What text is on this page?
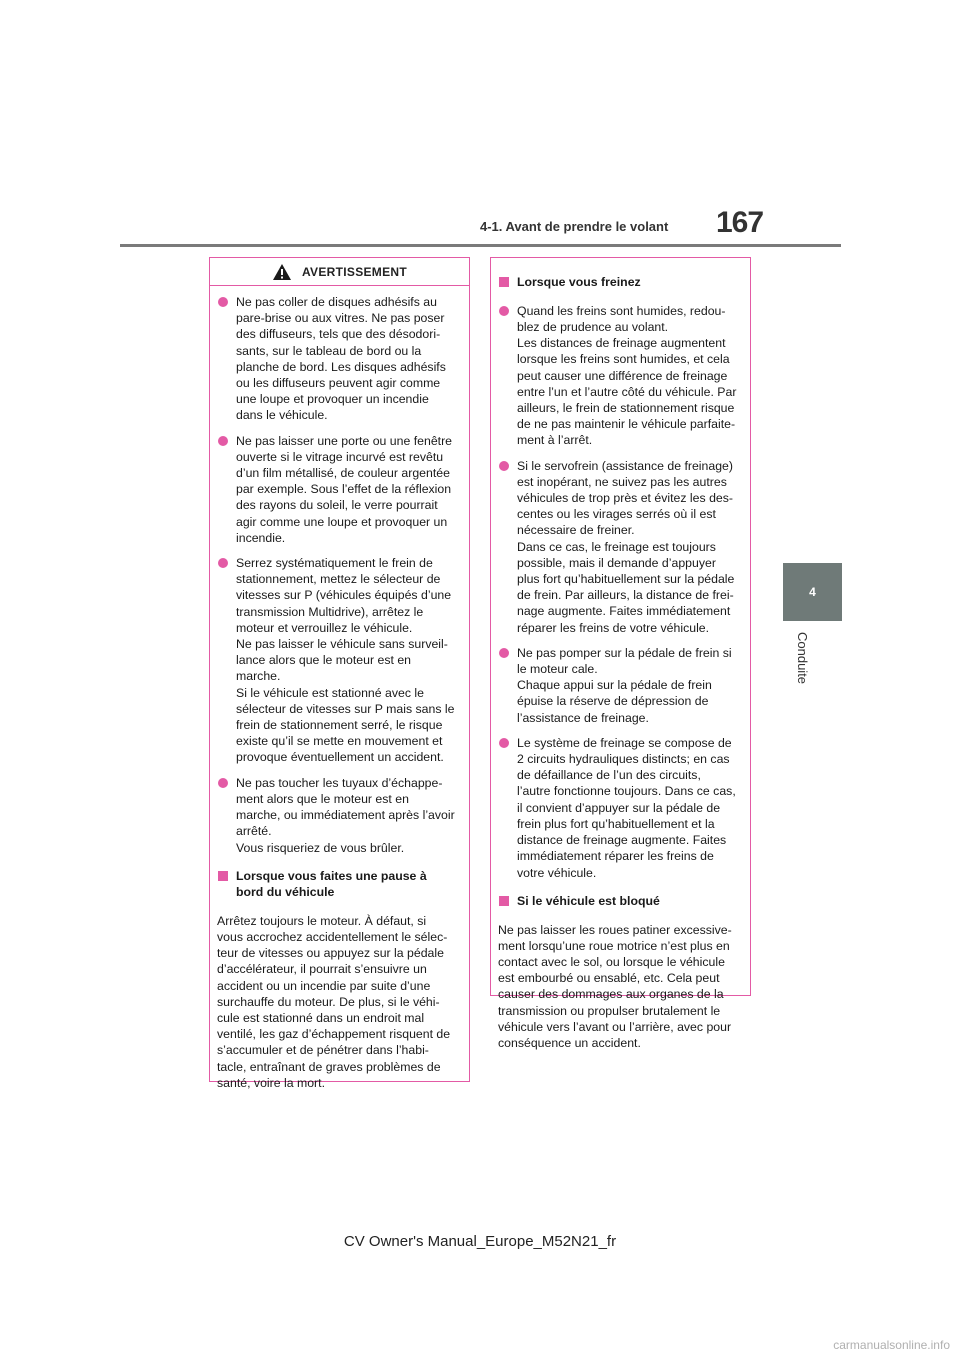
4-1. Avant de prendre le volant	167
4
Conduite
AVERTISSEMENT

Ne pas coller de disques adhésifs au
pare-brise ou aux vitres. Ne pas poser
des diffuseurs, tels que des désodori-
sants, sur le tableau de bord ou la
planche de bord. Les disques adhésifs
ou les diffuseurs peuvent agir comme
une loupe et provoquer un incendie
dans le véhicule.

Ne pas laisser une porte ou une fenêtre
ouverte si le vitrage incurvé est revêtu
d’un film métallisé, de couleur argentée
par exemple. Sous l’effet de la réflexion
des rayons du soleil, le verre pourrait
agir comme une loupe et provoquer un
incendie.

Serrez systématiquement le frein de
stationnement, mettez le sélecteur de
vitesses sur P (véhicules équipés d’une
transmission Multidrive), arrêtez le
moteur et verrouillez le véhicule.
Ne pas laisser le véhicule sans surveil-
lance alors que le moteur est en
marche.
Si le véhicule est stationné avec le
sélecteur de vitesses sur P mais sans le
frein de stationnement serré, le risque
existe qu’il se mette en mouvement et
provoque éventuellement un accident.

Ne pas toucher les tuyaux d’échappe-
ment alors que le moteur est en
marche, ou immédiatement après l’avoir
arrêté.
Vous risqueriez de vous brûler.

Lorsque vous faites une pause à
bord du véhicule

Arrêtez toujours le moteur. À défaut, si
vous accrochez accidentellement le sélec-
teur de vitesses ou appuyez sur la pédale
d’accélérateur, il pourrait s’ensuivre un
accident ou un incendie par suite d’une
surchauffe du moteur. De plus, si le véhi-
cule est stationné dans un endroit mal
ventilé, les gaz d’échappement risquent de
s’accumuler et de pénétrer dans l’habi-
tacle, entraînant de graves problèmes de
santé, voire la mort.

Lorsque vous freinez

Quand les freins sont humides, redou-
blez de prudence au volant.
Les distances de freinage augmentent
lorsque les freins sont humides, et cela
peut causer une différence de freinage
entre l’un et l’autre côté du véhicule. Par
ailleurs, le frein de stationnement risque
de ne pas maintenir le véhicule parfaite-
ment à l’arrêt.

Si le servofrein (assistance de freinage)
est inopérant, ne suivez pas les autres
véhicules de trop près et évitez les des-
centes ou les virages serrés où il est
nécessaire de freiner.
Dans ce cas, le freinage est toujours
possible, mais il demande d’appuyer
plus fort qu’habituellement sur la pédale
de frein. Par ailleurs, la distance de frei-
nage augmente. Faites immédiatement
réparer les freins de votre véhicule.

Ne pas pomper sur la pédale de frein si
le moteur cale.
Chaque appui sur la pédale de frein
épuise la réserve de dépression de
l’assistance de freinage.

Le système de freinage se compose de
2 circuits hydrauliques distincts; en cas
de défaillance de l’un des circuits,
l’autre fonctionne toujours. Dans ce cas,
il convient d’appuyer sur la pédale de
frein plus fort qu’habituellement et la
distance de freinage augmente. Faites
immédiatement réparer les freins de
votre véhicule.

Si le véhicule est bloqué

Ne pas laisser les roues patiner excessive-
ment lorsqu’une roue motrice n’est plus en
contact avec le sol, ou lorsque le véhicule
est embourbé ou ensablé, etc. Cela peut
causer des dommages aux organes de la
transmission ou propulser brutalement le
véhicule vers l’avant ou l’arrière, avec pour
conséquence un accident.

CV Owner's Manual_Europe_M52N21_fr
carmanualsonline.info
